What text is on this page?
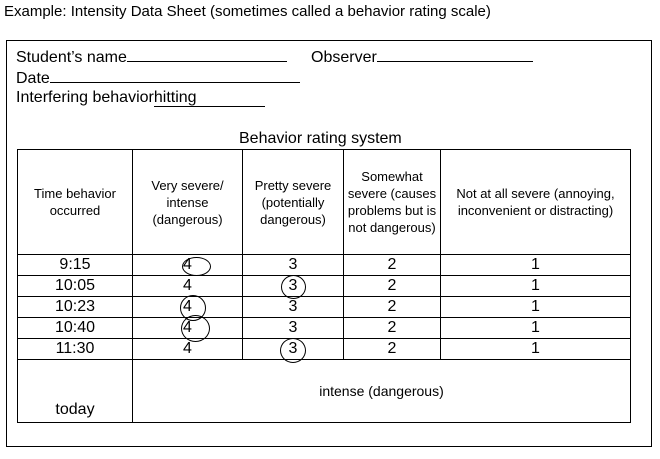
Example: Intensity Data Sheet (sometimes called a behavior rating scale)
Student’s name	Observer
Date
Interfering behaviorhitting
Behavior rating system
Time behavior occurred	Very severe/ intense (dangerous)	Pretty severe (potentially dangerous)	Somewhat severe (causes problems but is not dangerous)	Not at all severe (annoying, inconvenient or distracting)
9:15	4	3	2	1
10:05	4	3	2	1
10:23	4	3	2	1
10:40	4	3	2	1
11:30	4	3	2	1
today	intense (dangerous)			
